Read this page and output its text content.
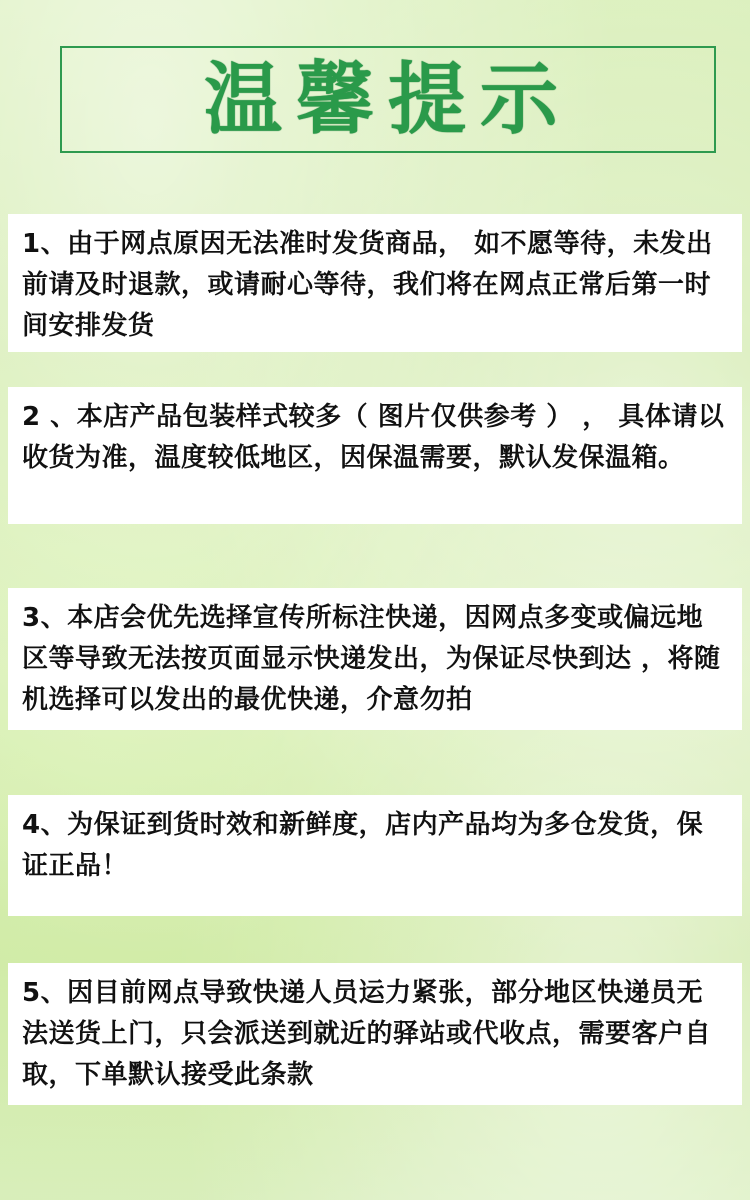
温馨提示
1、由于网点原因无法准时发货商品， 如不愿等待，未发出前请及时退款，或请耐心等待，我们将在网点正常后第一时间安排发货
2 、本店产品包装样式较多（ 图片仅供参考 ） ， 具体请以收货为准，温度较低地区，因保温需要，默认发保温箱。
3、本店会优先选择宣传所标注快递，因网点多变或偏远地区等导致无法按页面显示快递发出，为保证尽快到达 ，将随机选择可以发出的最优快递，介意勿拍
4、为保证到货时效和新鲜度，店内产品均为多仓发货，保证正品！
5、因目前网点导致快递人员运力紧张，部分地区快递员无法送货上门，只会派送到就近的驿站或代收点，需要客户自取，下单默认接受此条款
